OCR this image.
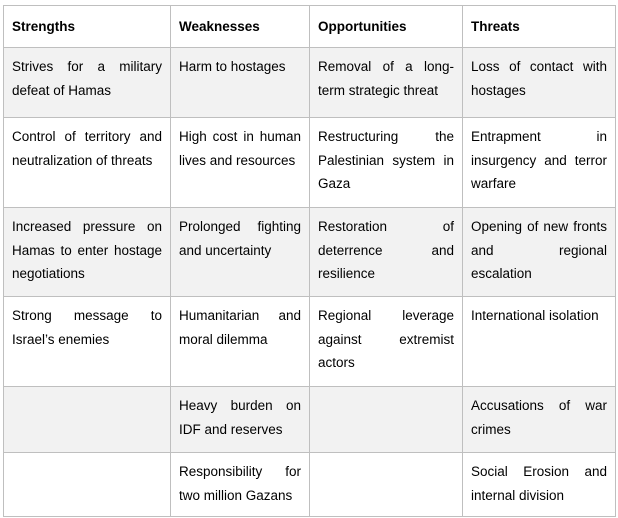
Strengths	Weaknesses	Opportunities	Threats
Strives for a military defeat of Hamas	Harm to hostages	Removal of a long-term strategic threat	Loss of contact with hostages
Control of territory and neutralization of threats	High cost in human lives and resources	Restructuring the Palestinian system in Gaza	Entrapment in insurgency and terror warfare
Increased pressure on Hamas to enter hostage negotiations	Prolonged fighting and uncertainty	Restoration of deterrence and resilience	Opening of new fronts and regional escalation
Strong message to Israel’s enemies	Humanitarian and moral dilemma	Regional leverage against extremist actors	International isolation
	Heavy burden on IDF and reserves		Accusations of war crimes
	Responsibility for two million Gazans		Social Erosion and internal division
